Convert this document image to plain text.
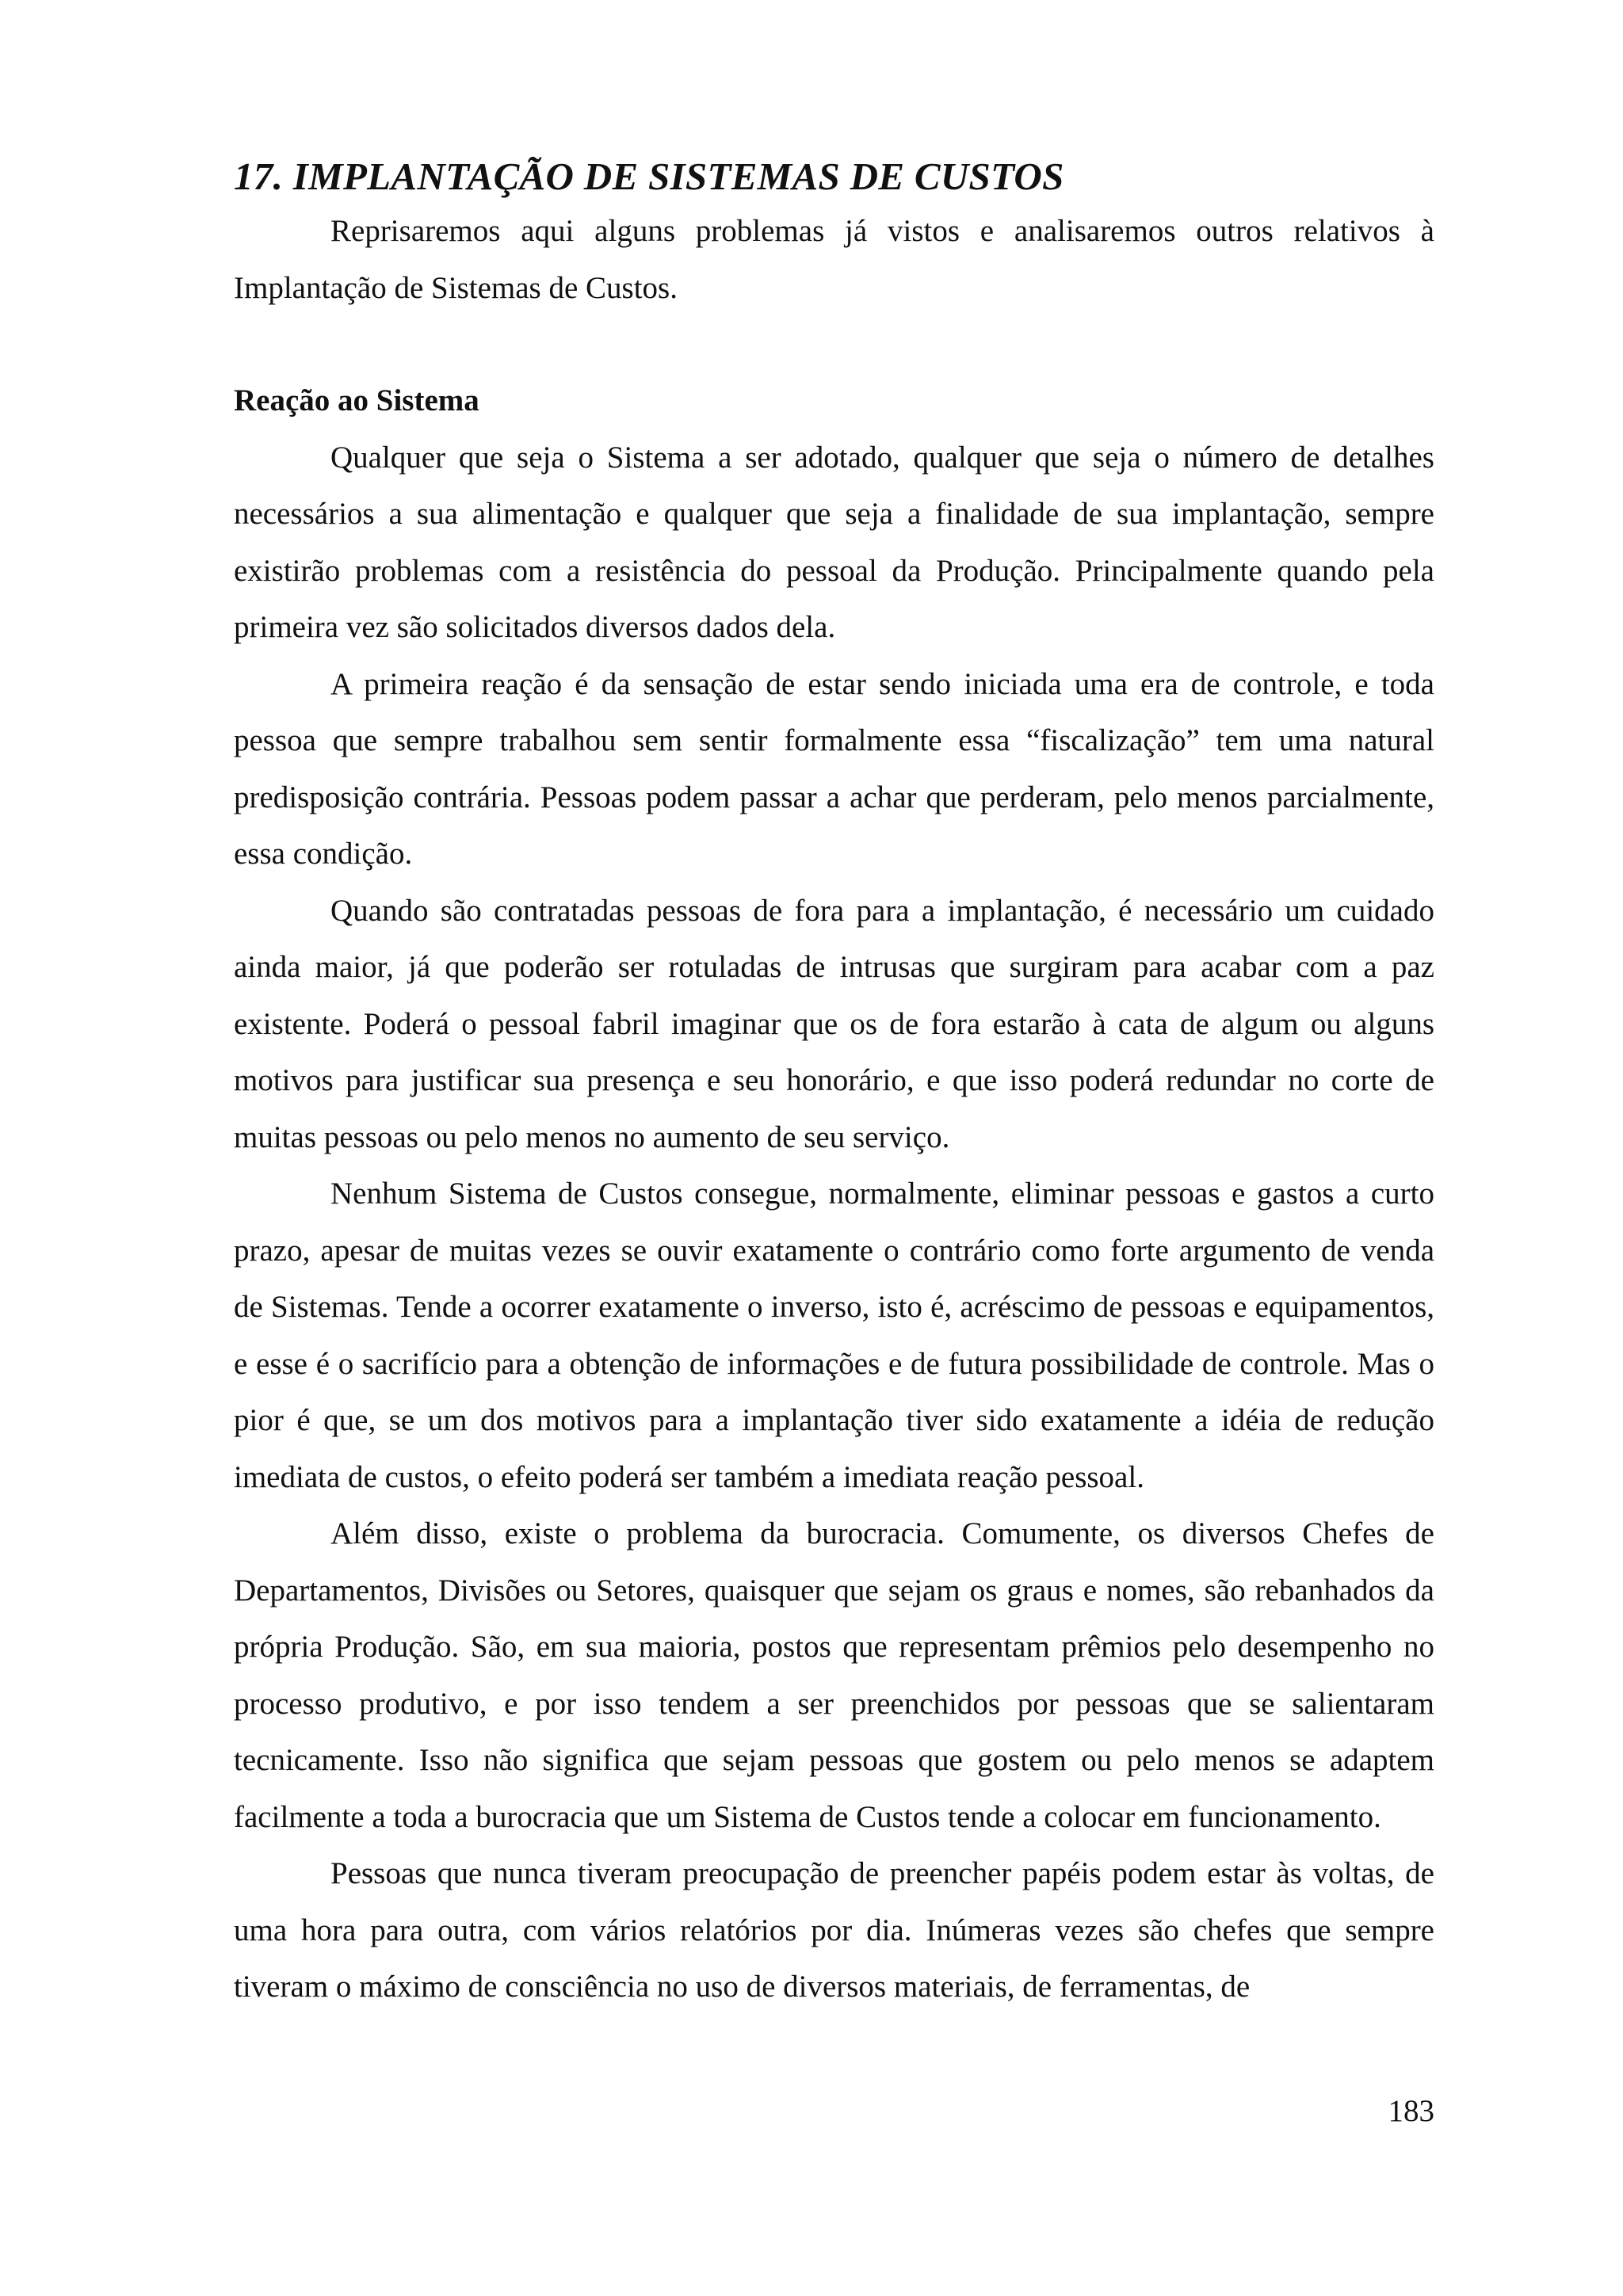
17. IMPLANTAÇÃO DE SISTEMAS DE CUSTOS

Reprisaremos aqui alguns problemas já vistos e analisaremos outros relativos à Implantação de Sistemas de Custos.

Reação ao Sistema

Qualquer que seja o Sistema a ser adotado, qualquer que seja o número de detalhes necessários a sua alimentação e qualquer que seja a finalidade de sua implantação, sempre existirão problemas com a resistência do pessoal da Produção. Principalmente quando pela primeira vez são solicitados diversos dados dela.

A primeira reação é da sensação de estar sendo iniciada uma era de controle, e toda pessoa que sempre trabalhou sem sentir formalmente essa “fiscalização” tem uma natural predisposição contrária. Pessoas podem passar a achar que perderam, pelo menos parcialmente, essa condição.

Quando são contratadas pessoas de fora para a implantação, é necessário um cuidado ainda maior, já que poderão ser rotuladas de intrusas que surgiram para acabar com a paz existente. Poderá o pessoal fabril imaginar que os de fora estarão à cata de algum ou alguns motivos para justificar sua presença e seu honorário, e que isso poderá redundar no corte de muitas pessoas ou pelo menos no aumento de seu serviço.

Nenhum Sistema de Custos consegue, normalmente, eliminar pessoas e gastos a curto prazo, apesar de muitas vezes se ouvir exatamente o contrário como forte argumento de venda de Sistemas. Tende a ocorrer exatamente o inverso, isto é, acréscimo de pessoas e equipamentos, e esse é o sacrifício para a obtenção de informações e de futura possibilidade de controle. Mas o pior é que, se um dos motivos para a implantação tiver sido exatamente a idéia de redução imediata de custos, o efeito poderá ser também a imediata reação pessoal.

Além disso, existe o problema da burocracia. Comumente, os diversos Chefes de Departamentos, Divisões ou Setores, quaisquer que sejam os graus e nomes, são rebanhados da própria Produção. São, em sua maioria, postos que representam prêmios pelo desempenho no processo produtivo, e por isso tendem a ser preenchidos por pessoas que se salientaram tecnicamente. Isso não significa que sejam pessoas que gostem ou pelo menos se adaptem facilmente a toda a burocracia que um Sistema de Custos tende a colocar em funcionamento.

Pessoas que nunca tiveram preocupação de preencher papéis podem estar às voltas, de uma hora para outra, com vários relatórios por dia. Inúmeras vezes são chefes que sempre tiveram o máximo de consciência no uso de diversos materiais, de ferramentas, de

183
